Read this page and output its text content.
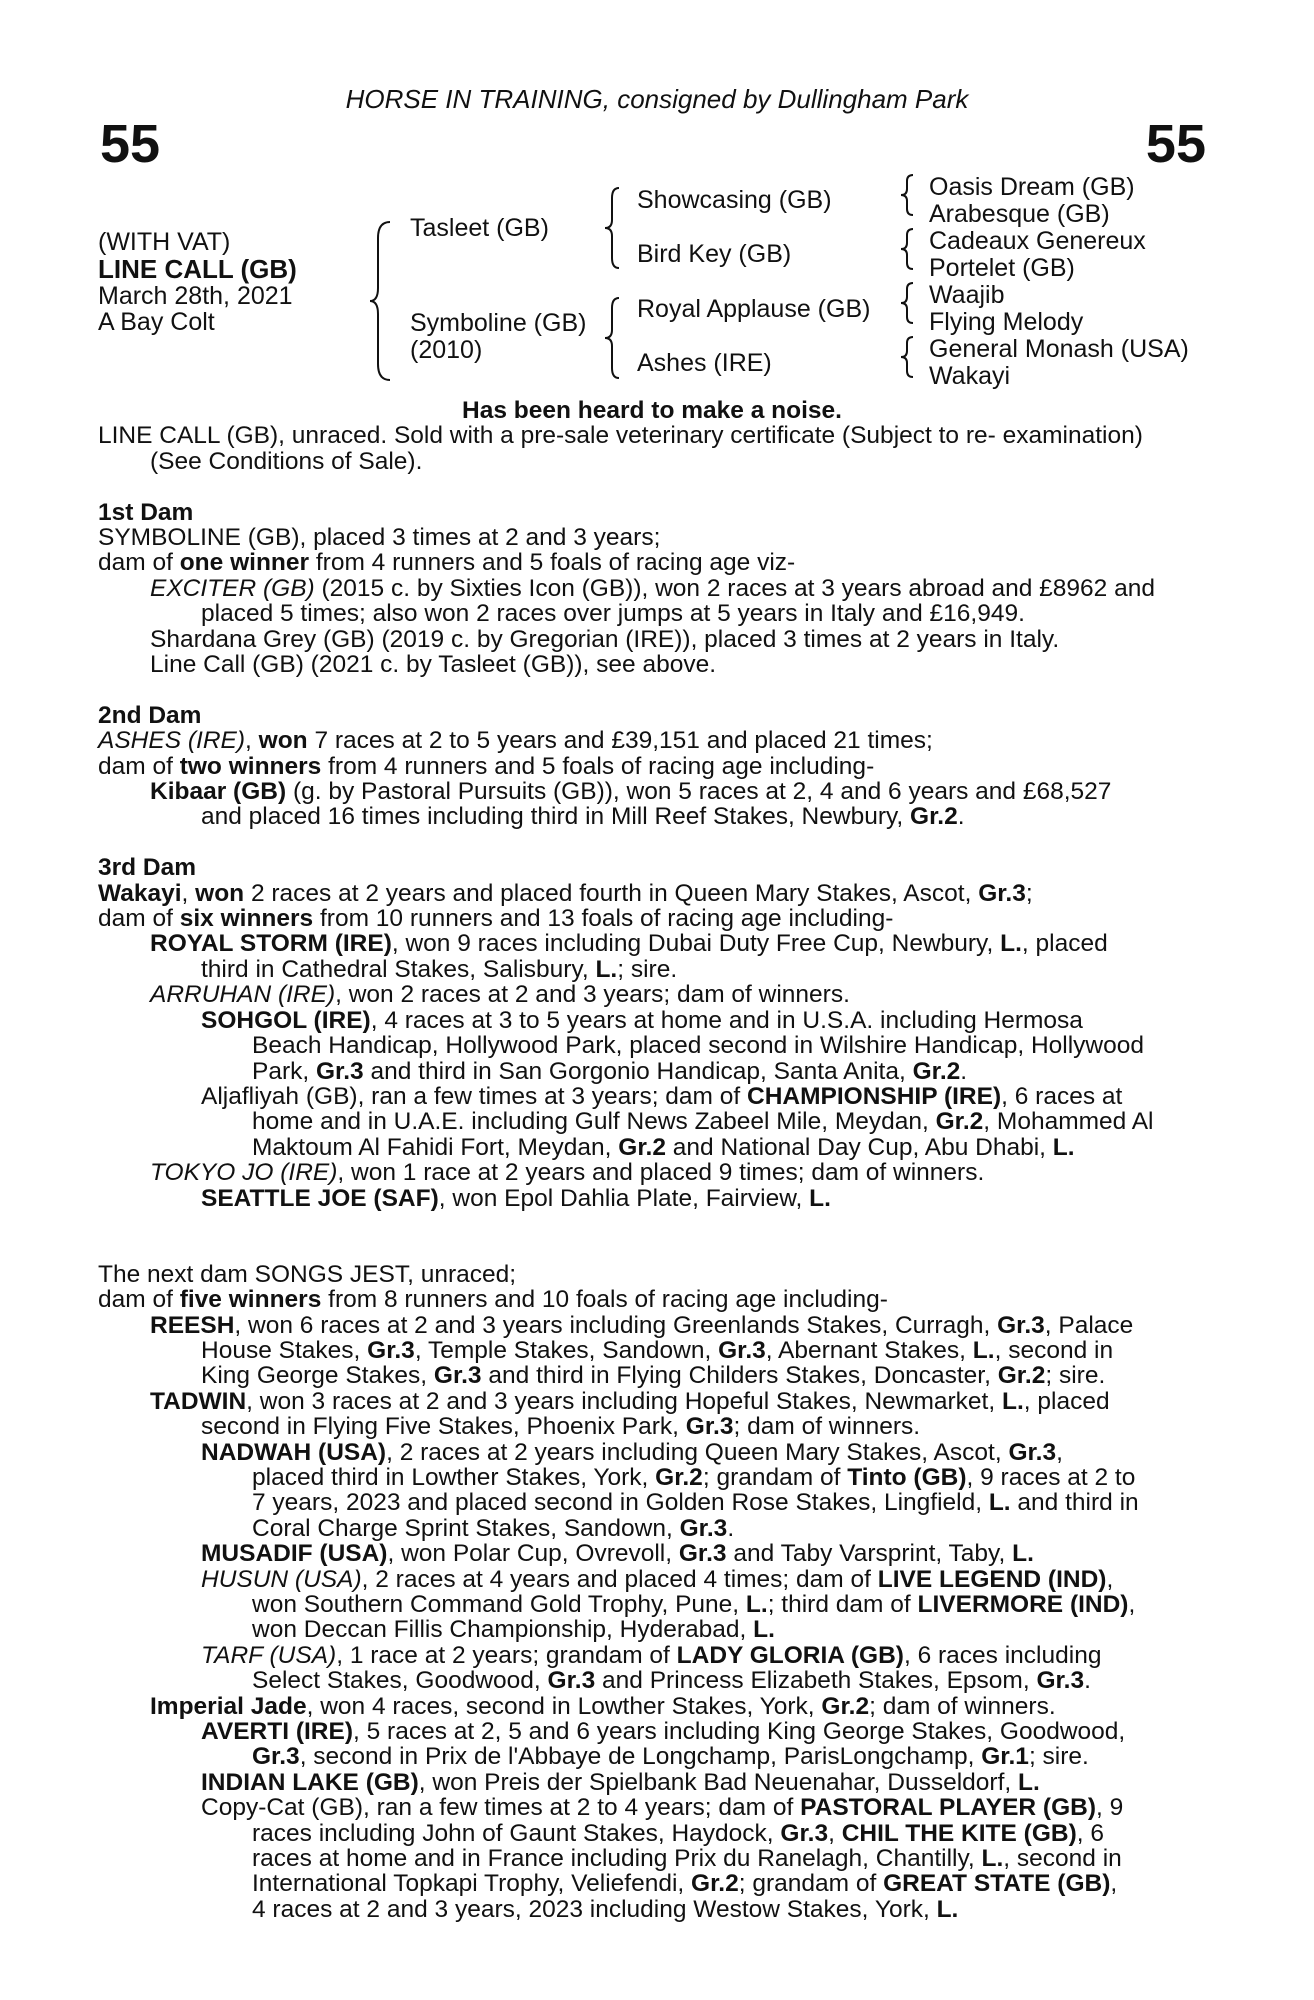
HORSE IN TRAINING, consigned by Dullingham Park
55	55
(WITH VAT)
LINE CALL (GB)
March 28th, 2021
A Bay Colt
Tasleet (GB)
Symboline (GB)
(2010)
Showcasing (GB)
Bird Key (GB)
Royal Applause (GB)
Ashes (IRE)
Oasis Dream (GB)
Arabesque (GB)
Cadeaux Genereux
Portelet (GB)
Waajib
Flying Melody
General Monash (USA)
Wakayi
Has been heard to make a noise.
LINE CALL (GB), unraced. Sold with a pre-sale veterinary certificate (Subject to re- examination)
(See Conditions of Sale).
1st Dam
SYMBOLINE (GB), placed 3 times at 2 and 3 years;
dam of one winner from 4 runners and 5 foals of racing age viz-
EXCITER (GB) (2015 c. by Sixties Icon (GB)), won 2 races at 3 years abroad and £8962 and
placed 5 times; also won 2 races over jumps at 5 years in Italy and £16,949.
Shardana Grey (GB) (2019 c. by Gregorian (IRE)), placed 3 times at 2 years in Italy.
Line Call (GB) (2021 c. by Tasleet (GB)), see above.
2nd Dam
ASHES (IRE), won 7 races at 2 to 5 years and £39,151 and placed 21 times;
dam of two winners from 4 runners and 5 foals of racing age including-
Kibaar (GB) (g. by Pastoral Pursuits (GB)), won 5 races at 2, 4 and 6 years and £68,527
and placed 16 times including third in Mill Reef Stakes, Newbury, Gr.2.
3rd Dam
Wakayi, won 2 races at 2 years and placed fourth in Queen Mary Stakes, Ascot, Gr.3;
dam of six winners from 10 runners and 13 foals of racing age including-
ROYAL STORM (IRE), won 9 races including Dubai Duty Free Cup, Newbury, L., placed
third in Cathedral Stakes, Salisbury, L.; sire.
ARRUHAN (IRE), won 2 races at 2 and 3 years; dam of winners.
SOHGOL (IRE), 4 races at 3 to 5 years at home and in U.S.A. including Hermosa
Beach Handicap, Hollywood Park, placed second in Wilshire Handicap, Hollywood
Park, Gr.3 and third in San Gorgonio Handicap, Santa Anita, Gr.2.
Aljafliyah (GB), ran a few times at 3 years; dam of CHAMPIONSHIP (IRE), 6 races at
home and in U.A.E. including Gulf News Zabeel Mile, Meydan, Gr.2, Mohammed Al
Maktoum Al Fahidi Fort, Meydan, Gr.2 and National Day Cup, Abu Dhabi, L.
TOKYO JO (IRE), won 1 race at 2 years and placed 9 times; dam of winners.
SEATTLE JOE (SAF), won Epol Dahlia Plate, Fairview, L.
The next dam SONGS JEST, unraced;
dam of five winners from 8 runners and 10 foals of racing age including-
REESH, won 6 races at 2 and 3 years including Greenlands Stakes, Curragh, Gr.3, Palace
House Stakes, Gr.3, Temple Stakes, Sandown, Gr.3, Abernant Stakes, L., second in
King George Stakes, Gr.3 and third in Flying Childers Stakes, Doncaster, Gr.2; sire.
TADWIN, won 3 races at 2 and 3 years including Hopeful Stakes, Newmarket, L., placed
second in Flying Five Stakes, Phoenix Park, Gr.3; dam of winners.
NADWAH (USA), 2 races at 2 years including Queen Mary Stakes, Ascot, Gr.3,
placed third in Lowther Stakes, York, Gr.2; grandam of Tinto (GB), 9 races at 2 to
7 years, 2023 and placed second in Golden Rose Stakes, Lingfield, L. and third in
Coral Charge Sprint Stakes, Sandown, Gr.3.
MUSADIF (USA), won Polar Cup, Ovrevoll, Gr.3 and Taby Varsprint, Taby, L.
HUSUN (USA), 2 races at 4 years and placed 4 times; dam of LIVE LEGEND (IND),
won Southern Command Gold Trophy, Pune, L.; third dam of LIVERMORE (IND),
won Deccan Fillis Championship, Hyderabad, L.
TARF (USA), 1 race at 2 years; grandam of LADY GLORIA (GB), 6 races including
Select Stakes, Goodwood, Gr.3 and Princess Elizabeth Stakes, Epsom, Gr.3.
Imperial Jade, won 4 races, second in Lowther Stakes, York, Gr.2; dam of winners.
AVERTI (IRE), 5 races at 2, 5 and 6 years including King George Stakes, Goodwood,
Gr.3, second in Prix de l'Abbaye de Longchamp, ParisLongchamp, Gr.1; sire.
INDIAN LAKE (GB), won Preis der Spielbank Bad Neuenahar, Dusseldorf, L.
Copy-Cat (GB), ran a few times at 2 to 4 years; dam of PASTORAL PLAYER (GB), 9
races including John of Gaunt Stakes, Haydock, Gr.3, CHIL THE KITE (GB), 6
races at home and in France including Prix du Ranelagh, Chantilly, L., second in
International Topkapi Trophy, Veliefendi, Gr.2; grandam of GREAT STATE (GB),
4 races at 2 and 3 years, 2023 including Westow Stakes, York, L.
